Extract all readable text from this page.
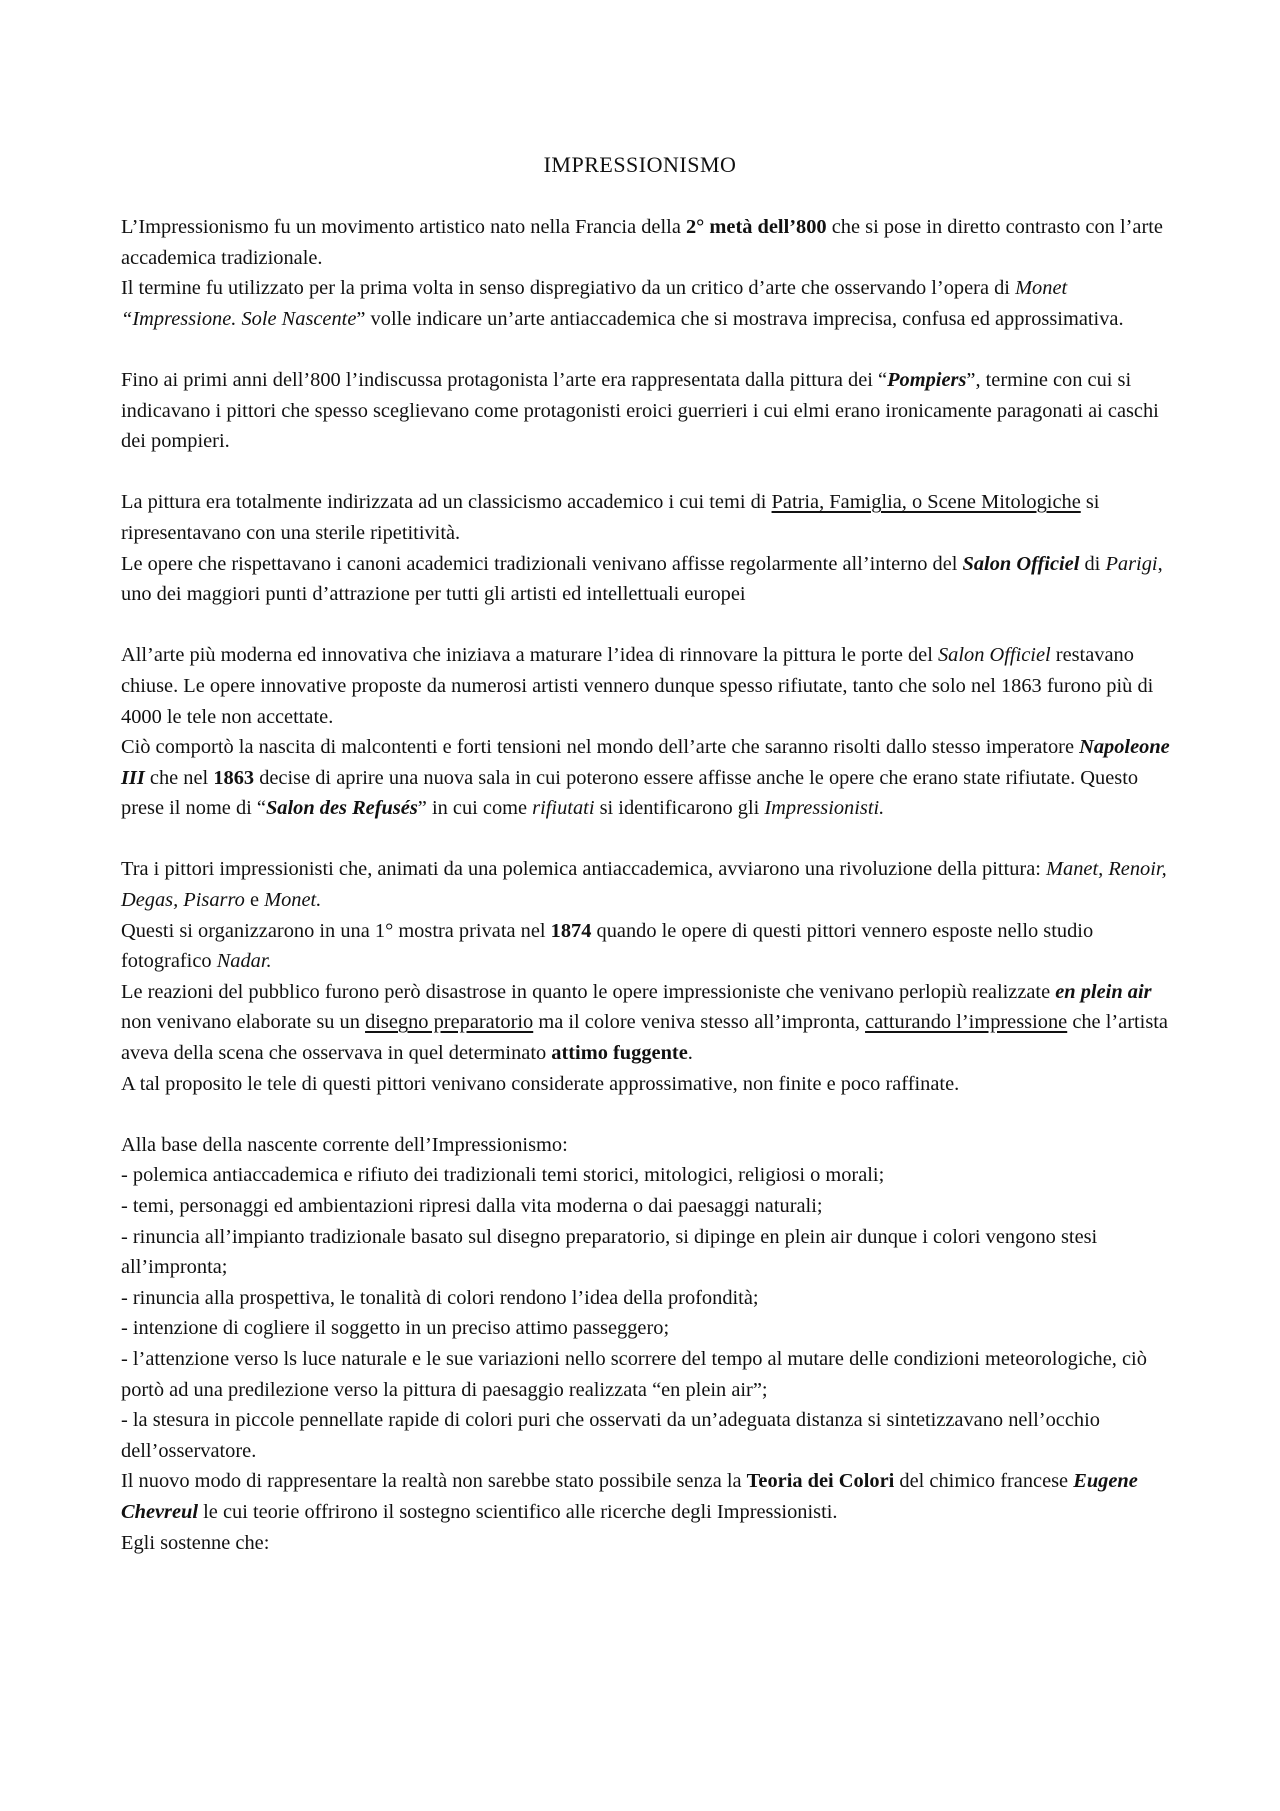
IMPRESSIONISMO

L’Impressionismo fu un movimento artistico nato nella Francia della 2° metà dell’800 che si pose in diretto contrasto con l’arte accademica tradizionale.

Il termine fu utilizzato per la prima volta in senso dispregiativo da un critico d’arte che osservando l’opera di Monet “Impressione. Sole Nascente” volle indicare un’arte antiaccademica che si mostrava imprecisa, confusa ed approssimativa.

Fino ai primi anni dell’800 l’indiscussa protagonista l’arte era rappresentata dalla pittura dei “Pompiers”, termine con cui si indicavano i pittori che spesso sceglievano come protagonisti eroici guerrieri i cui elmi erano ironicamente paragonati ai caschi dei pompieri.

La pittura era totalmente indirizzata ad un classicismo accademico i cui temi di Patria, Famiglia, o Scene Mitologiche si ripresentavano con una sterile ripetitività.

Le opere che rispettavano i canoni academici tradizionali venivano affisse regolarmente all’interno del Salon Officiel di Parigi, uno dei maggiori punti d’attrazione per tutti gli artisti ed intellettuali europei

All’arte più moderna ed innovativa che iniziava a maturare l’idea di rinnovare la pittura le porte del Salon Officiel restavano chiuse. Le opere innovative proposte da numerosi artisti vennero dunque spesso rifiutate, tanto che solo nel 1863 furono più di 4000 le tele non accettate.

Ciò comportò la nascita di malcontenti e forti tensioni nel mondo dell’arte che saranno risolti dallo stesso imperatore Napoleone III che nel 1863 decise di aprire una nuova sala in cui poterono essere affisse anche le opere che erano state rifiutate. Questo prese il nome di “Salon des Refusés” in cui come rifiutati si identificarono gli Impressionisti.

Tra i pittori impressionisti che, animati da una polemica antiaccademica, avviarono una rivoluzione della pittura: Manet, Renoir, Degas, Pisarro e Monet.

Questi si organizzarono in una 1° mostra privata nel 1874 quando le opere di questi pittori vennero esposte nello studio fotografico Nadar.

Le reazioni del pubblico furono però disastrose in quanto le opere impressioniste che venivano perlopiù realizzate en plein air non venivano elaborate su un disegno preparatorio ma il colore veniva stesso all’impronta, catturando l’impressione che l’artista aveva della scena che osservava in quel determinato attimo fuggente.

A tal proposito le tele di questi pittori venivano considerate approssimative, non finite e poco raffinate.

Alla base della nascente corrente dell’Impressionismo:

- polemica antiaccademica e rifiuto dei tradizionali temi storici, mitologici, religiosi o morali;

- temi, personaggi ed ambientazioni ripresi dalla vita moderna o dai paesaggi naturali;

- rinuncia all’impianto tradizionale basato sul disegno preparatorio, si dipinge en plein air dunque i colori vengono stesi all’impronta;

- rinuncia alla prospettiva, le tonalità di colori rendono l’idea della profondità;

- intenzione di cogliere il soggetto in un preciso attimo passeggero;

- l’attenzione verso ls luce naturale e le sue variazioni nello scorrere del tempo al mutare delle condizioni meteorologiche, ciò portò ad una predilezione verso la pittura di paesaggio realizzata “en plein air”;

- la stesura in piccole pennellate rapide di colori puri che osservati da un’adeguata distanza si sintetizzavano nell’occhio dell’osservatore.

Il nuovo modo di rappresentare la realtà non sarebbe stato possibile senza la Teoria dei Colori del chimico francese Eugene Chevreul le cui teorie offrirono il sostegno scientifico alle ricerche degli Impressionisti.

Egli sostenne che:
